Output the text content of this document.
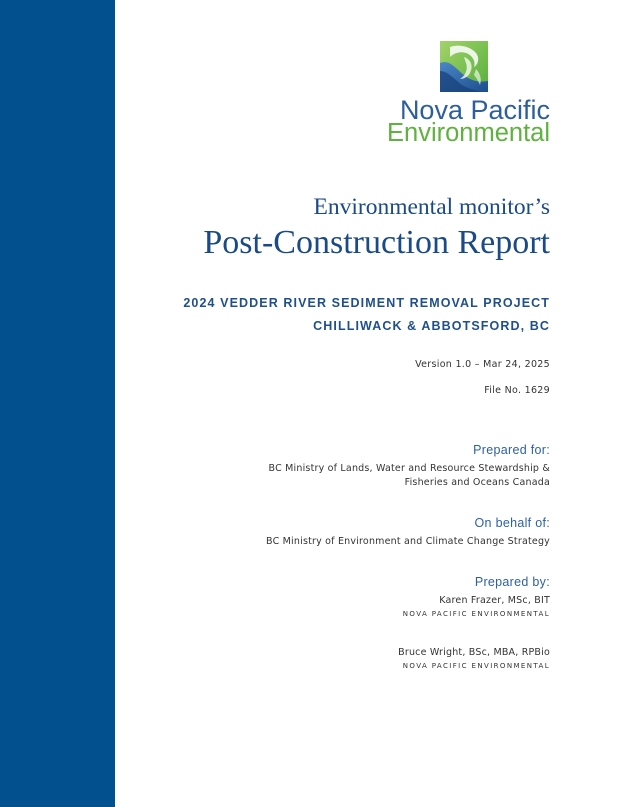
Nova Pacific
Environmental
Environmental monitor’s
Post-Construction Report
2024 VEDDER RIVER SEDIMENT REMOVAL PROJECT
CHILLIWACK & ABBOTSFORD, BC
Version 1.0 – Mar 24, 2025
File No. 1629
Prepared for:
BC Ministry of Lands, Water and Resource Stewardship &
Fisheries and Oceans Canada
On behalf of:
BC Ministry of Environment and Climate Change Strategy
Prepared by:
Karen Frazer, MSc, BIT
NOVA PACIFIC ENVIRONMENTAL
Bruce Wright, BSc, MBA, RPBio
NOVA PACIFIC ENVIRONMENTAL
